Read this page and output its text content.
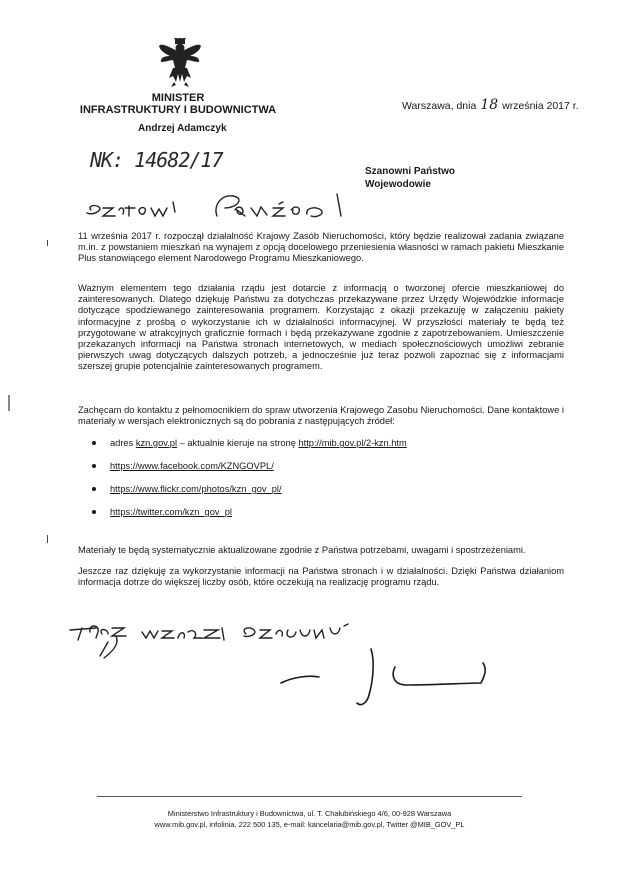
MINISTER
INFRASTRUKTURY I BUDOWNICTWA
Andrzej Adamczyk
Warszawa, dnia 18 września 2017 r.
NK: 14682/17	Szanowni Państwo
Wojewodowie
11 września 2017 r. rozpoczął działalność Krajowy Zasób Nieruchomości, który będzie realizował zadania związane m.in. z powstaniem mieszkań na wynajem z opcją docelowego przeniesienia własności w ramach pakietu Mieszkanie Plus stanowiącego element Narodowego Programu Mieszkaniowego.
Ważnym elementem tego działania rządu jest dotarcie z informacją o tworzonej ofercie mieszkaniowej do zainteresowanych. Dlatego dziękuję Państwu za dotychczas przekazywane przez Urzędy Wojewódzkie informacje dotyczące spodziewanego zainteresowania programem. Korzystając z okazji przekazuję w załączeniu pakiety informacyjne z prośbą o wykorzystanie ich w działalności informacyjnej. W przyszłości materiały te będą też przygotowane w atrakcyjnych graficznie formach i będą przekazywane zgodnie z zapotrzebowaniem. Umieszczenie przekazanych informacji na Państwa stronach internetowych, w mediach społecznościowych umożliwi zebranie pierwszych uwag dotyczących dalszych potrzeb, a jednocześnie już teraz pozwoli zapoznać się z informacjami szerszej grupie potencjalnie zainteresowanych programem.
Zachęcam do kontaktu z pełnomocnikiem do spraw utworzenia Krajowego Zasobu Nieruchomości. Dane kontaktowe i materiały w wersjach elektronicznych są do pobrania z następujących źródeł:
adres kzn.gov.pl – aktualnie kieruje na stronę http://mib.gov.pl/2-kzn.htm
https://www.facebook.com/KZNGOVPL/
https://www.flickr.com/photos/kzn_gov_pl/
https://twitter.com/kzn_gov_pl
Materiały te będą systematycznie aktualizowane zgodnie z Państwa potrzebami, uwagami i spostrzeżeniami.
Jeszcze raz dziękuję za wykorzystanie informacji na Państwa stronach i w działalności. Dzięki Państwa działaniom informacja dotrze do większej liczby osób, które oczekują na realizację programu rządu.
Ministerstwo Infrastruktury i Budownictwa, ul. T. Chałubińskiego 4/6, 00-928 Warszawa
www.mib.gov.pl, infolinia. 222 500 135, e-mail: kancelaria@mib.gov.pl, Twitter @MIB_GOV_PL
